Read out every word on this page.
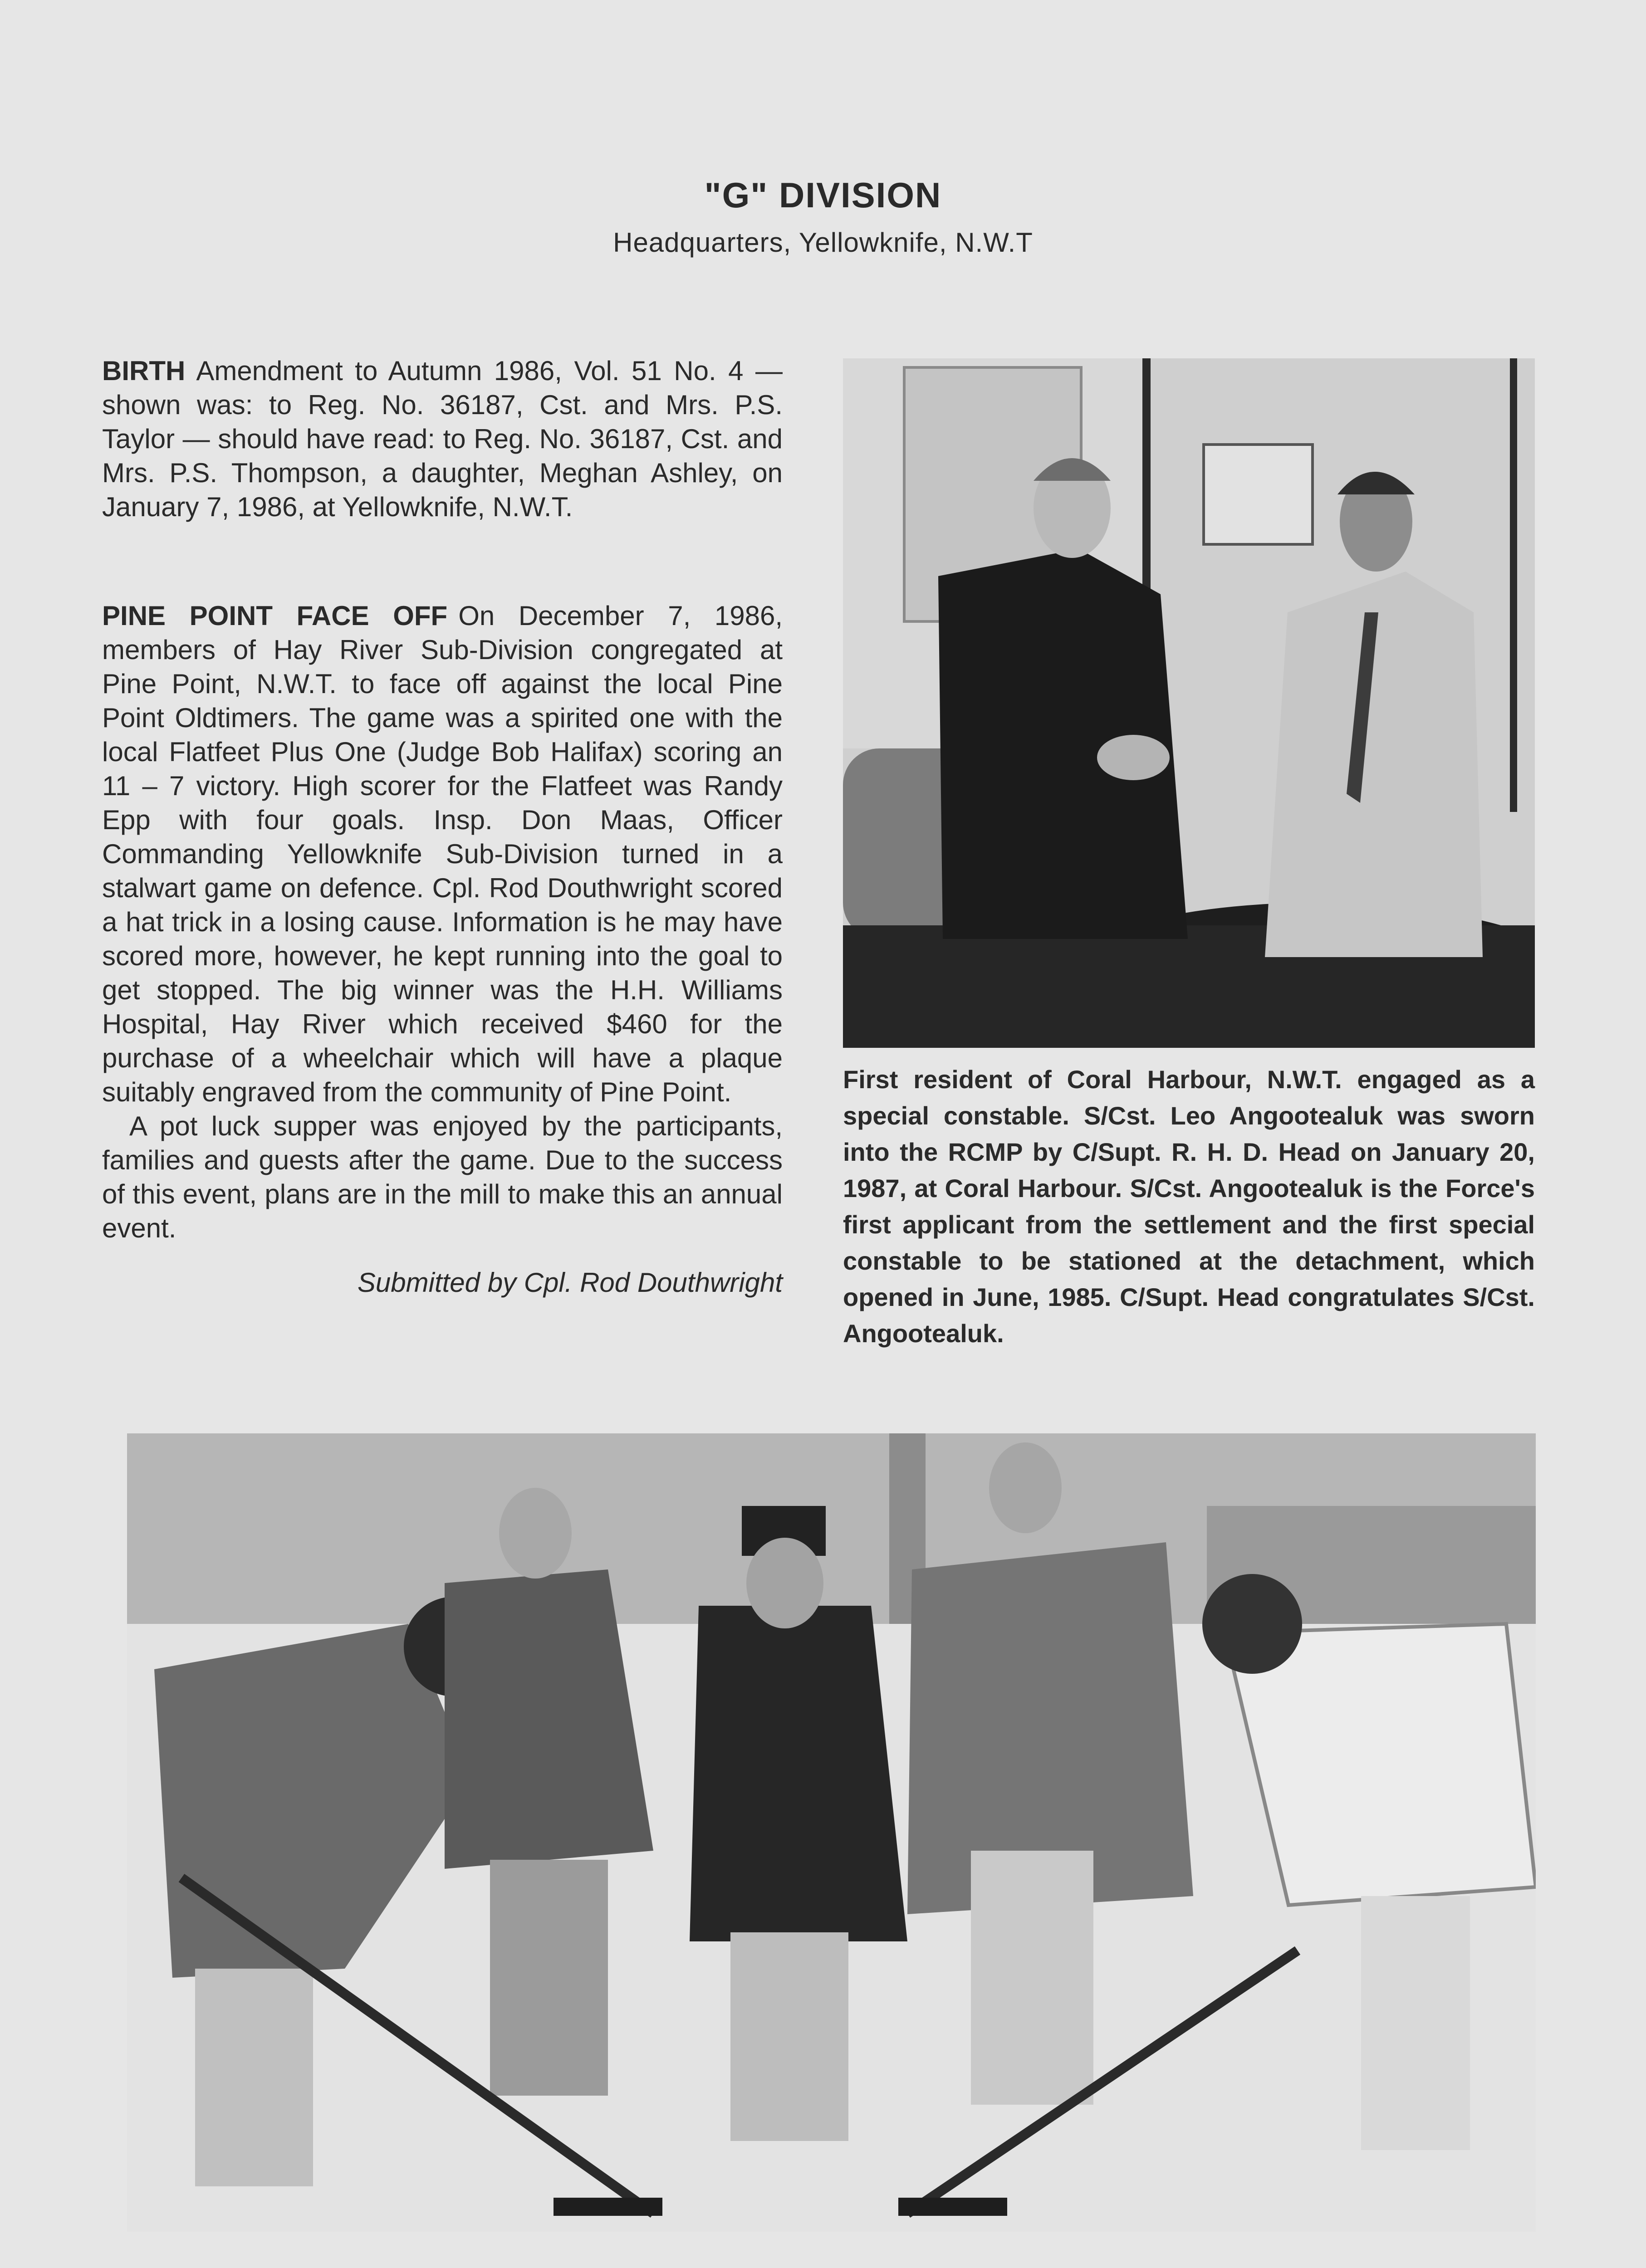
"G" DIVISION
Headquarters, Yellowknife, N.W.T

BIRTH Amendment to Autumn 1986, Vol. 51 No. 4 — shown was: to Reg. No. 36187, Cst. and Mrs. P.S. Taylor — should have read: to Reg. No. 36187, Cst. and Mrs. P.S. Thompson, a daughter, Meghan Ashley, on January 7, 1986, at Yellowknife, N.W.T.

PINE POINT FACE OFF On December 7, 1986, members of Hay River Sub-Division congregated at Pine Point, N.W.T. to face off against the local Pine Point Oldtimers. The game was a spirited one with the local Flatfeet Plus One (Judge Bob Halifax) scoring an 11 – 7 victory. High scorer for the Flatfeet was Randy Epp with four goals. Insp. Don Maas, Officer Commanding Yellowknife Sub-Division turned in a stalwart game on defence. Cpl. Rod Douthwright scored a hat trick in a losing cause. Information is he may have scored more, however, he kept running into the goal to get stopped. The big winner was the H.H. Williams Hospital, Hay River which received $460 for the purchase of a wheelchair which will have a plaque suitably engraved from the community of Pine Point.

A pot luck supper was enjoyed by the participants, families and guests after the game. Due to the success of this event, plans are in the mill to make this an annual event.

Submitted by Cpl. Rod Douthwright

First resident of Coral Harbour, N.W.T. engaged as a special constable. S/Cst. Leo Angootealuk was sworn into the RCMP by C/Supt. R. H. D. Head on January 20, 1987, at Coral Harbour. S/Cst. Angootealuk is the Force's first applicant from the settlement and the first special constable to be stationed at the detachment, which opened in June, 1985. C/Supt. Head congratulates S/Cst. Angootealuk.
